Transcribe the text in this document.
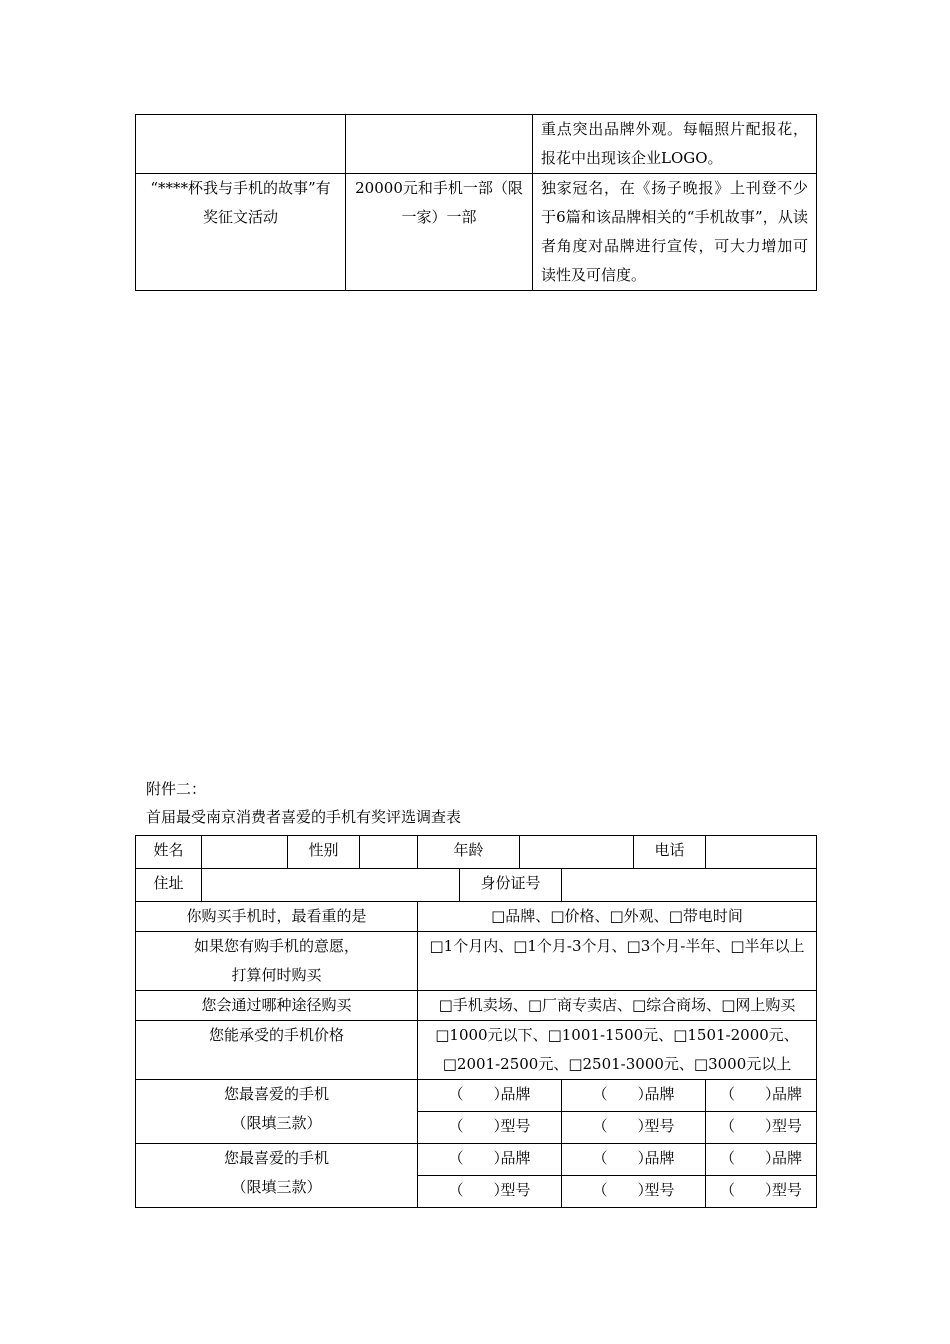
		重点突出品牌外观。每幅照片配报花，报花中出现该企业LOGO。
“****杯我与手机的故事”有奖征文活动	20000元和手机一部（限一家）一部	独家冠名，在《扬子晚报》上刊登不少于6篇和该品牌相关的“手机故事”，从读者角度对品牌进行宣传，可大力增加可读性及可信度。
附件二：
首届最受南京消费者喜爱的手机有奖评选调查表
姓名		性别		年龄				电话	
住址					身份证号				
你购买手机时，最看重的是				□品牌、□价格、□外观、□带电时间					

如果您有购手机的意愿，
打算何时购买				□1个月内、□1个月-3个月、□3个月-半年、□半年以上					
您会通过哪种途径购买				□手机卖场、□厂商专卖店、□综合商场、□网上购买					
您能承受的手机价格				□1000元以下、□1001-1500元、□1501-2000元、
□2001-2500元、□2501-3000元、□3000元以上					

您最喜爱的手机
（限填三款）				（　　）品牌			（　　）品牌		（　　）品牌
				（　　）型号			（　　）型号		（　　）型号

您最喜爱的手机
（限填三款）				（　　）品牌			（　　）品牌		（　　）品牌
				（　　）型号			（　　）型号		（　　）型号
